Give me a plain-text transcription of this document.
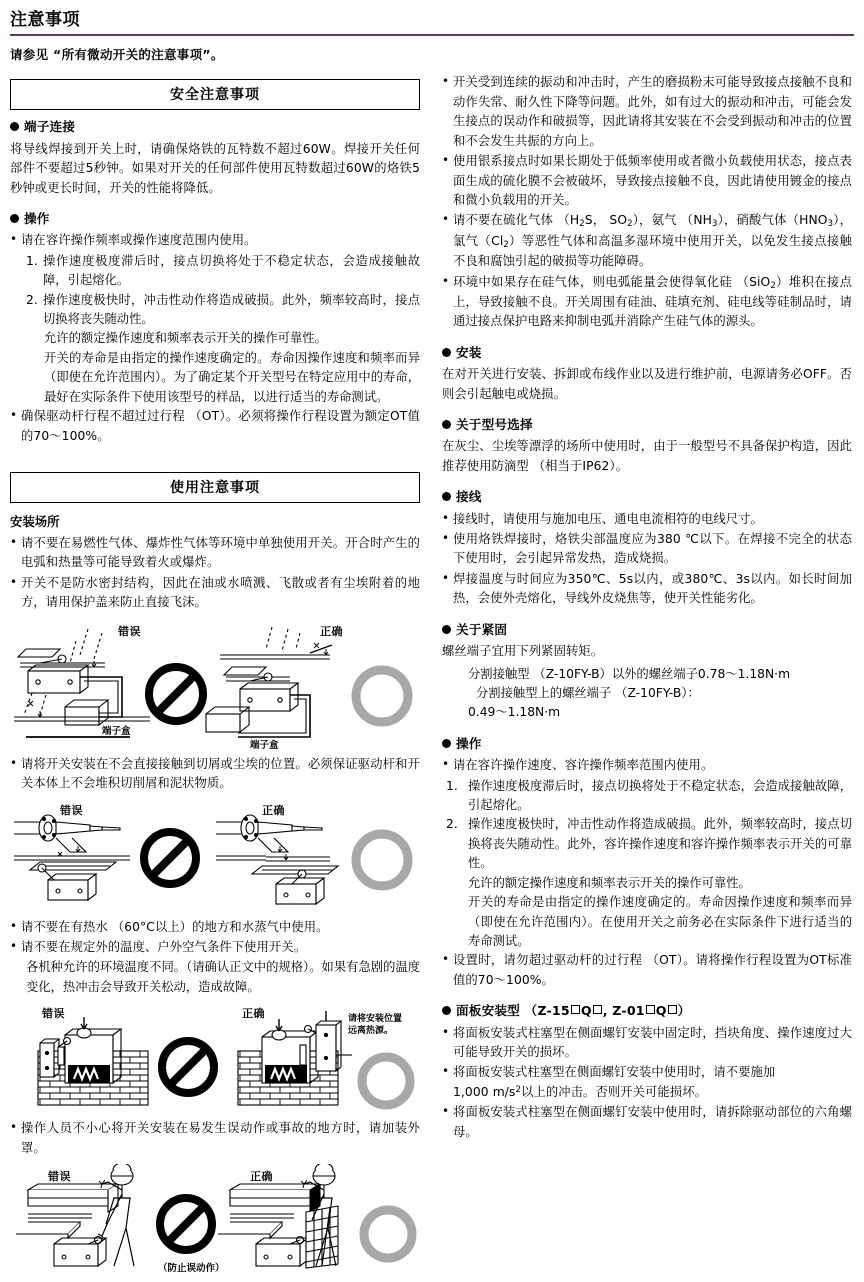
注意事项
请参见 “所有微动开关的注意事项”。
安全注意事项
端子连接

将导线焊接到开关上时，请确保烙铁的瓦特数不超过60W。焊接开关任何部件不要超过5秒钟。如果对开关的任何部件使用瓦特数超过60W的烙铁5秒钟或更长时间，开关的性能将降低。

操作
• 请在容许操作频率或操作速度范围内使用。
1. 操作速度极度滞后时，接点切换将处于不稳定状态，会造成接触故障，引起熔化。
2. 操作速度极快时，冲击性动作将造成破损。此外，频率较高时，接点切换将丧失随动性。
允许的额定操作速度和频率表示开关的操作可靠性。
开关的寿命是由指定的操作速度确定的。寿命因操作速度和频率而异 （即使在允许范围内）。为了确定某个开关型号在特定应用中的寿命，最好在实际条件下使用该型号的样品，以进行适当的寿命测试。
• 确保驱动杆行程不超过过行程 （OT）。必须将操作行程设置为额定OT值的70～100%。
使用注意事项
安装场所
• 请不要在易燃性气体、爆炸性气体等环境中单独使用开关。开合时产生的电弧和热量等可能导致着火或爆炸。
• 开关不是防水密封结构，因此在油或水喷溅、飞散或者有尘埃附着的地方，请用保护盖来防止直接飞沫。
错误	正确
端子盒
端子盒
• 请将开关安装在不会直接接触到切屑或尘埃的位置。必须保证驱动杆和开关本体上不会堆积切削屑和泥状物质。
错误	正确
• 请不要在有热水 （60°C以上）的地方和水蒸气中使用。
• 请不要在规定外的温度、户外空气条件下使用开关。
各机种允许的环境温度不同。（请确认正文中的规格）。如果有急剧的温度变化，热冲击会导致开关松动，造成故障。
错误	正确	请将安装位置
远离热源。
• 操作人员不小心将开关安装在易发生误动作或事故的地方时，请加装外罩。
错误	正确
（防止误动作）
• 开关受到连续的振动和冲击时，产生的磨损粉末可能导致接点接触不良和动作失常、耐久性下降等问题。此外，如有过大的振动和冲击，可能会发生接点的误动作和破损等，因此请将其安装在不会受到振动和冲击的位置和不会发生共振的方向上。
• 使用银系接点时如果长期处于低频率使用或者微小负载使用状态，接点表面生成的硫化膜不会被破坏，导致接点接触不良，因此请使用镀金的接点和微小负载用的开关。
• 请不要在硫化气体 （$H_2S$， $SO_2$），氨气 $(NH_3)$，硝酸气体$(HNO_3)$，氯气$(Cl_2)$等恶性气体和高温多湿环境中使用开关，以免发生接点接触不良和腐蚀引起的破损等功能障碍。
• 环境中如果存在硅气体，则电弧能量会使得氧化硅 （SiO$_2$）堆积在接点上，导致接触不良。开关周围有硅油、硅填充剂、硅电线等硅制品时，请通过接点保护电路来抑制电弧并消除产生硅气体的源头。
安装

在对开关进行安装、拆卸或布线作业以及进行维护前，电源请务必OFF。否则会引起触电或烧损。

关于型号选择

在灰尘、尘埃等漂浮的场所中使用时，由于一般型号不具备保护构造，因此推荐使用防滴型 （相当于IP62）。

接线
• 接线时，请使用与施加电压、通电电流相符的电线尺寸。
• 使用烙铁焊接时，烙铁尖部温度应为380 ℃以下。在焊接不完全的状态下使用时，会引起异常发热，造成烧损。
• 焊接温度与时间应为350℃、5s以内，或380℃、3s以内。如长时间加热，会使外壳熔化，导线外皮烧焦等，使开关性能劣化。
关于紧固

螺丝端子宜用下列紧固转矩。

分割接触型 （Z-10FY-B）以外的螺丝端子0.78～1.18N·m
分割接触型上的螺丝端子 （Z-10FY-B）：
0.49～1.18N·m
操作
• 请在容许操作速度、容许操作频率范围内使用。
1. 操作速度极度滞后时，接点切换将处于不稳定状态，会造成接触故障，引起熔化。
2. 操作速度极快时，冲击性动作将造成破损。此外，频率较高时，接点切换将丧失随动性。此外，容许操作速度和容许操作频率表示开关的可靠性。
允许的额定操作速度和频率表示开关的操作可靠性。
开关的寿命是由指定的操作速度确定的。寿命因操作速度和频率而异（即使在允许范围内）。在使用开关之前务必在实际条件下进行适当的寿命测试。
• 设置时，请勿超过驱动杆的过行程 （OT）。请将操作行程设置为OT标准值的70～100%。
面板安装型 （Z-15 Q , Z-01 Q ）
• 将面板安装式柱塞型在侧面螺钉安装中固定时，挡块角度、操作速度过大可能导致开关的损坏。
• 将面板安装式柱塞型在侧面螺钉安装中使用时，请不要施加
1,000 $m/s^2$以上的冲击。否则开关可能损坏。
• 将面板安装式柱塞型在侧面螺钉安装中使用时，请拆除驱动部位的六角螺母。
